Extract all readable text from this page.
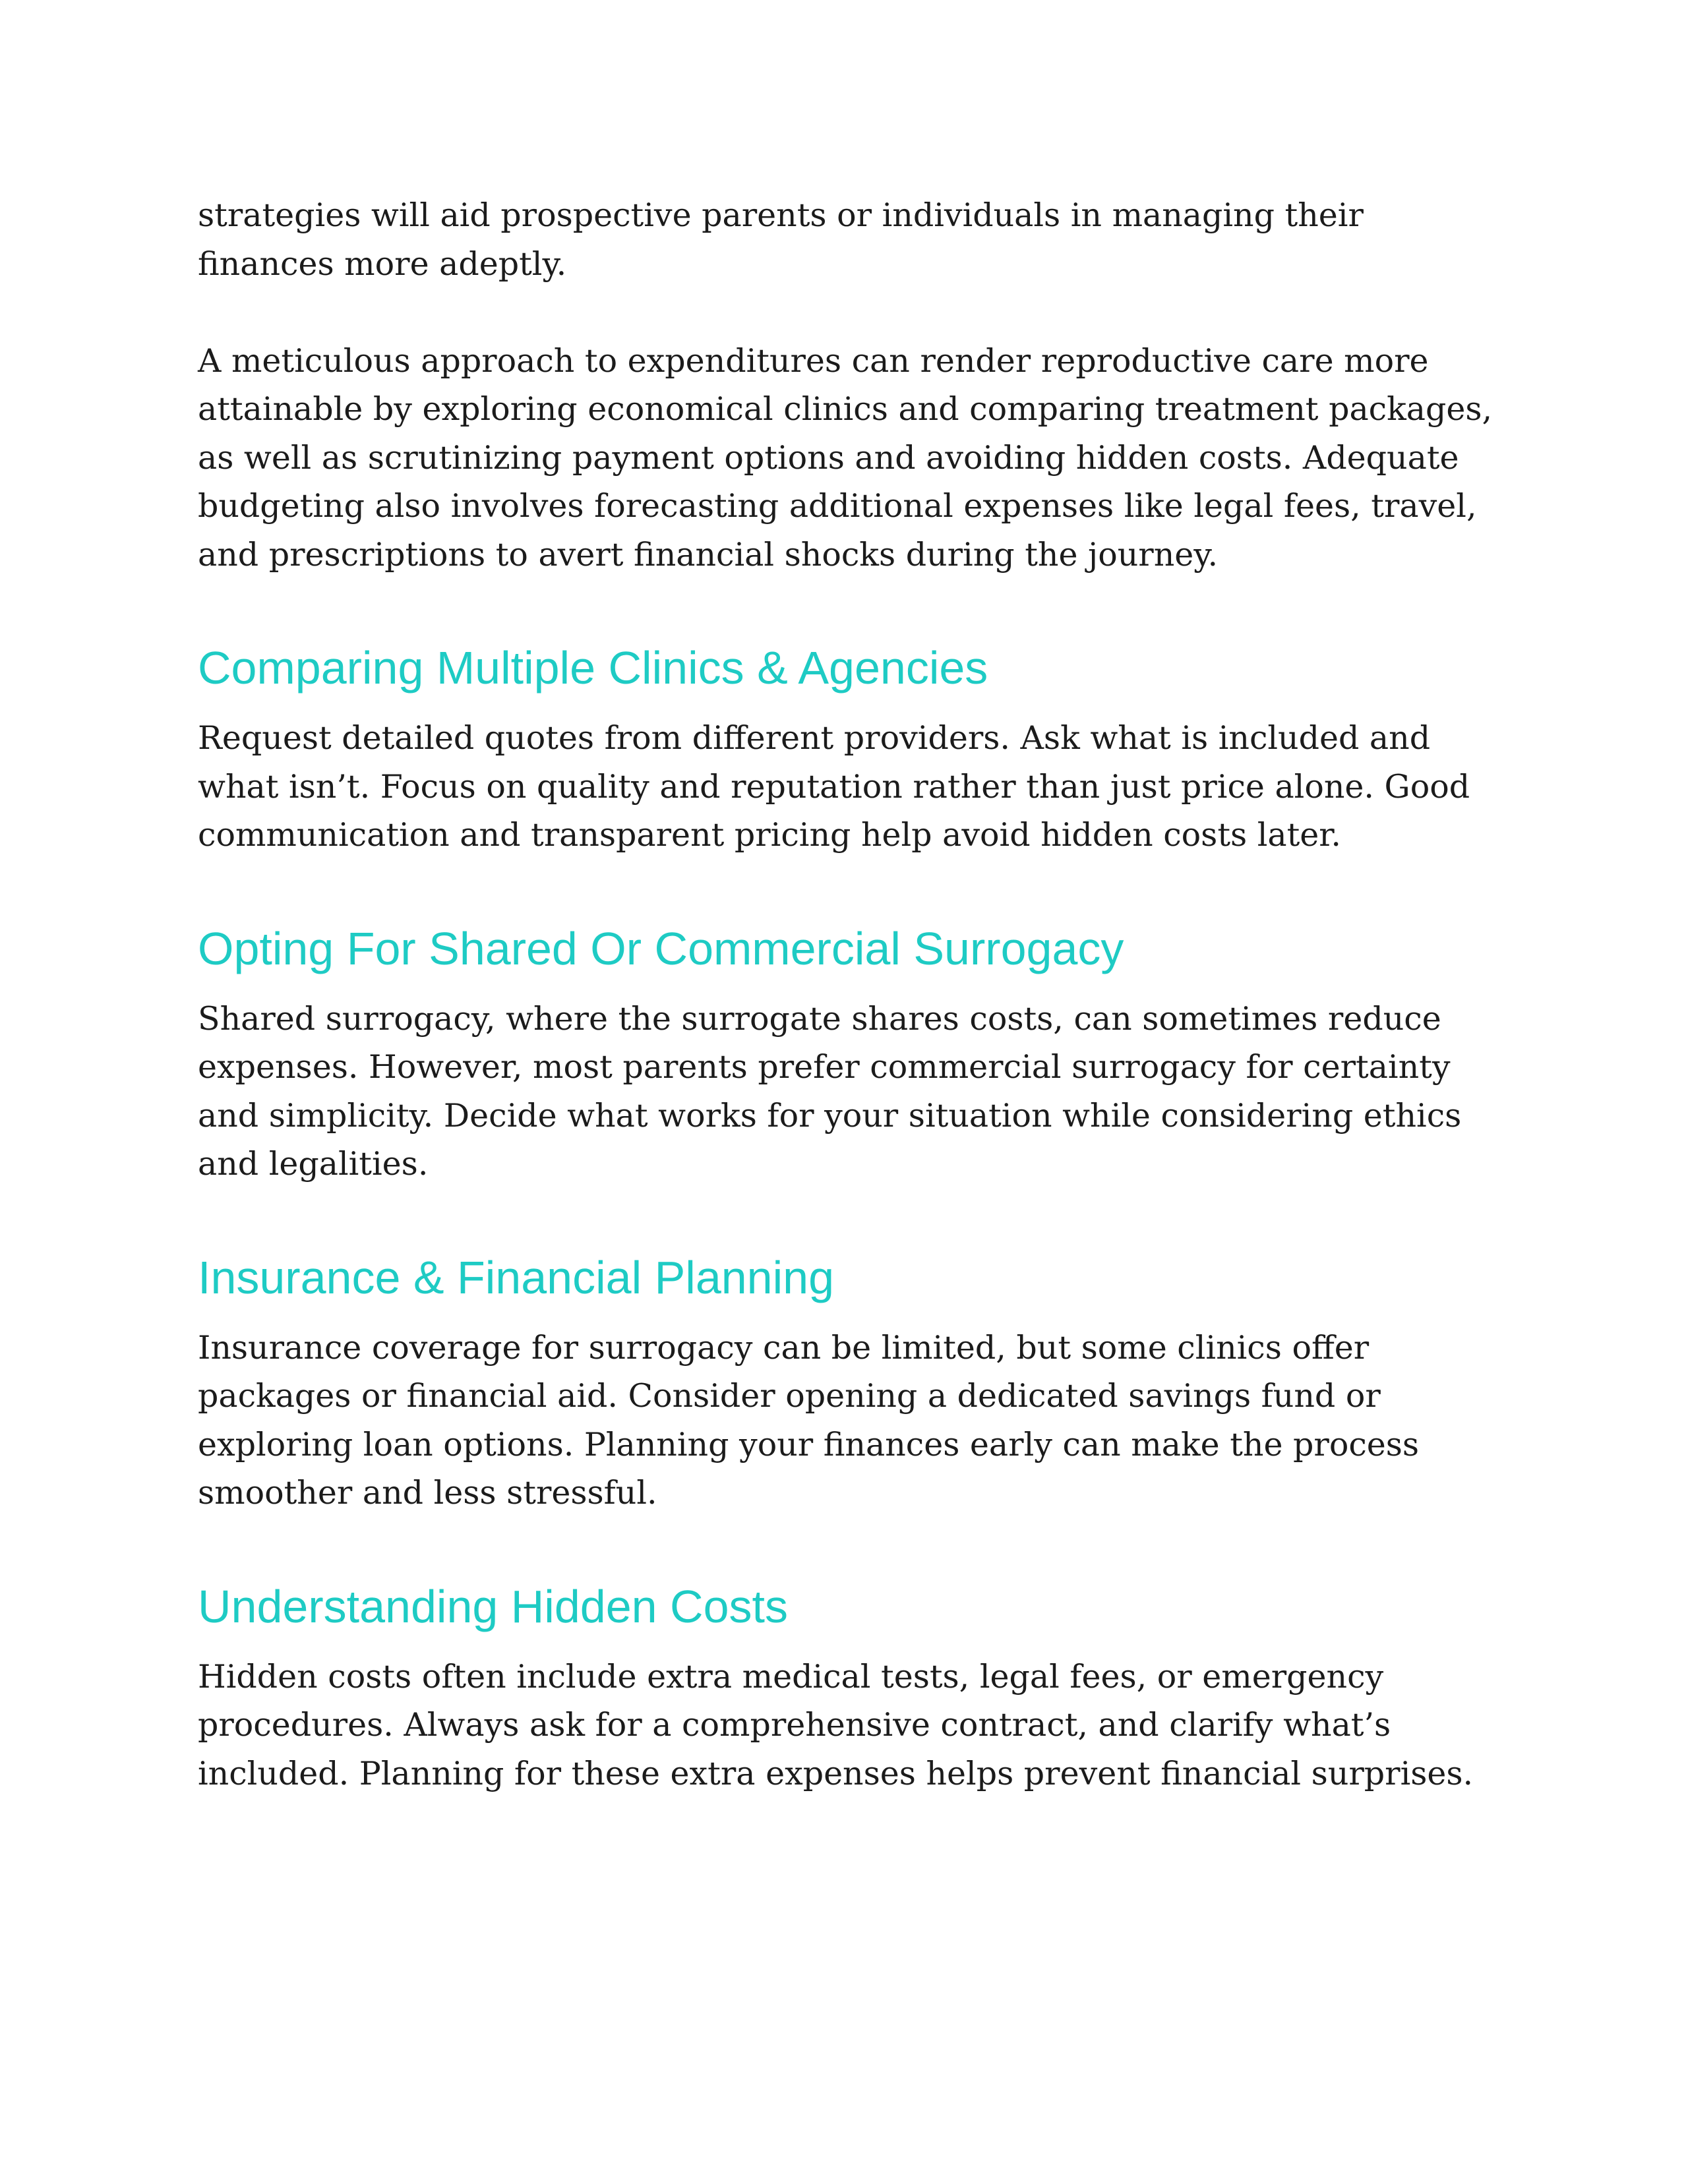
strategies will aid prospective parents or individuals in managing their
finances more adeptly.

A meticulous approach to expenditures can render reproductive care more
attainable by exploring economical clinics and comparing treatment packages,
as well as scrutinizing payment options and avoiding hidden costs. Adequate
budgeting also involves forecasting additional expenses like legal fees, travel,
and prescriptions to avert financial shocks during the journey.

Comparing Multiple Clinics & Agencies

Request detailed quotes from different providers. Ask what is included and
what isn’t. Focus on quality and reputation rather than just price alone. Good
communication and transparent pricing help avoid hidden costs later.

Opting For Shared Or Commercial Surrogacy

Shared surrogacy, where the surrogate shares costs, can sometimes reduce
expenses. However, most parents prefer commercial surrogacy for certainty
and simplicity. Decide what works for your situation while considering ethics
and legalities.

Insurance & Financial Planning

Insurance coverage for surrogacy can be limited, but some clinics offer
packages or financial aid. Consider opening a dedicated savings fund or
exploring loan options. Planning your finances early can make the process
smoother and less stressful.

Understanding Hidden Costs

Hidden costs often include extra medical tests, legal fees, or emergency
procedures. Always ask for a comprehensive contract, and clarify what’s
included. Planning for these extra expenses helps prevent financial surprises.
